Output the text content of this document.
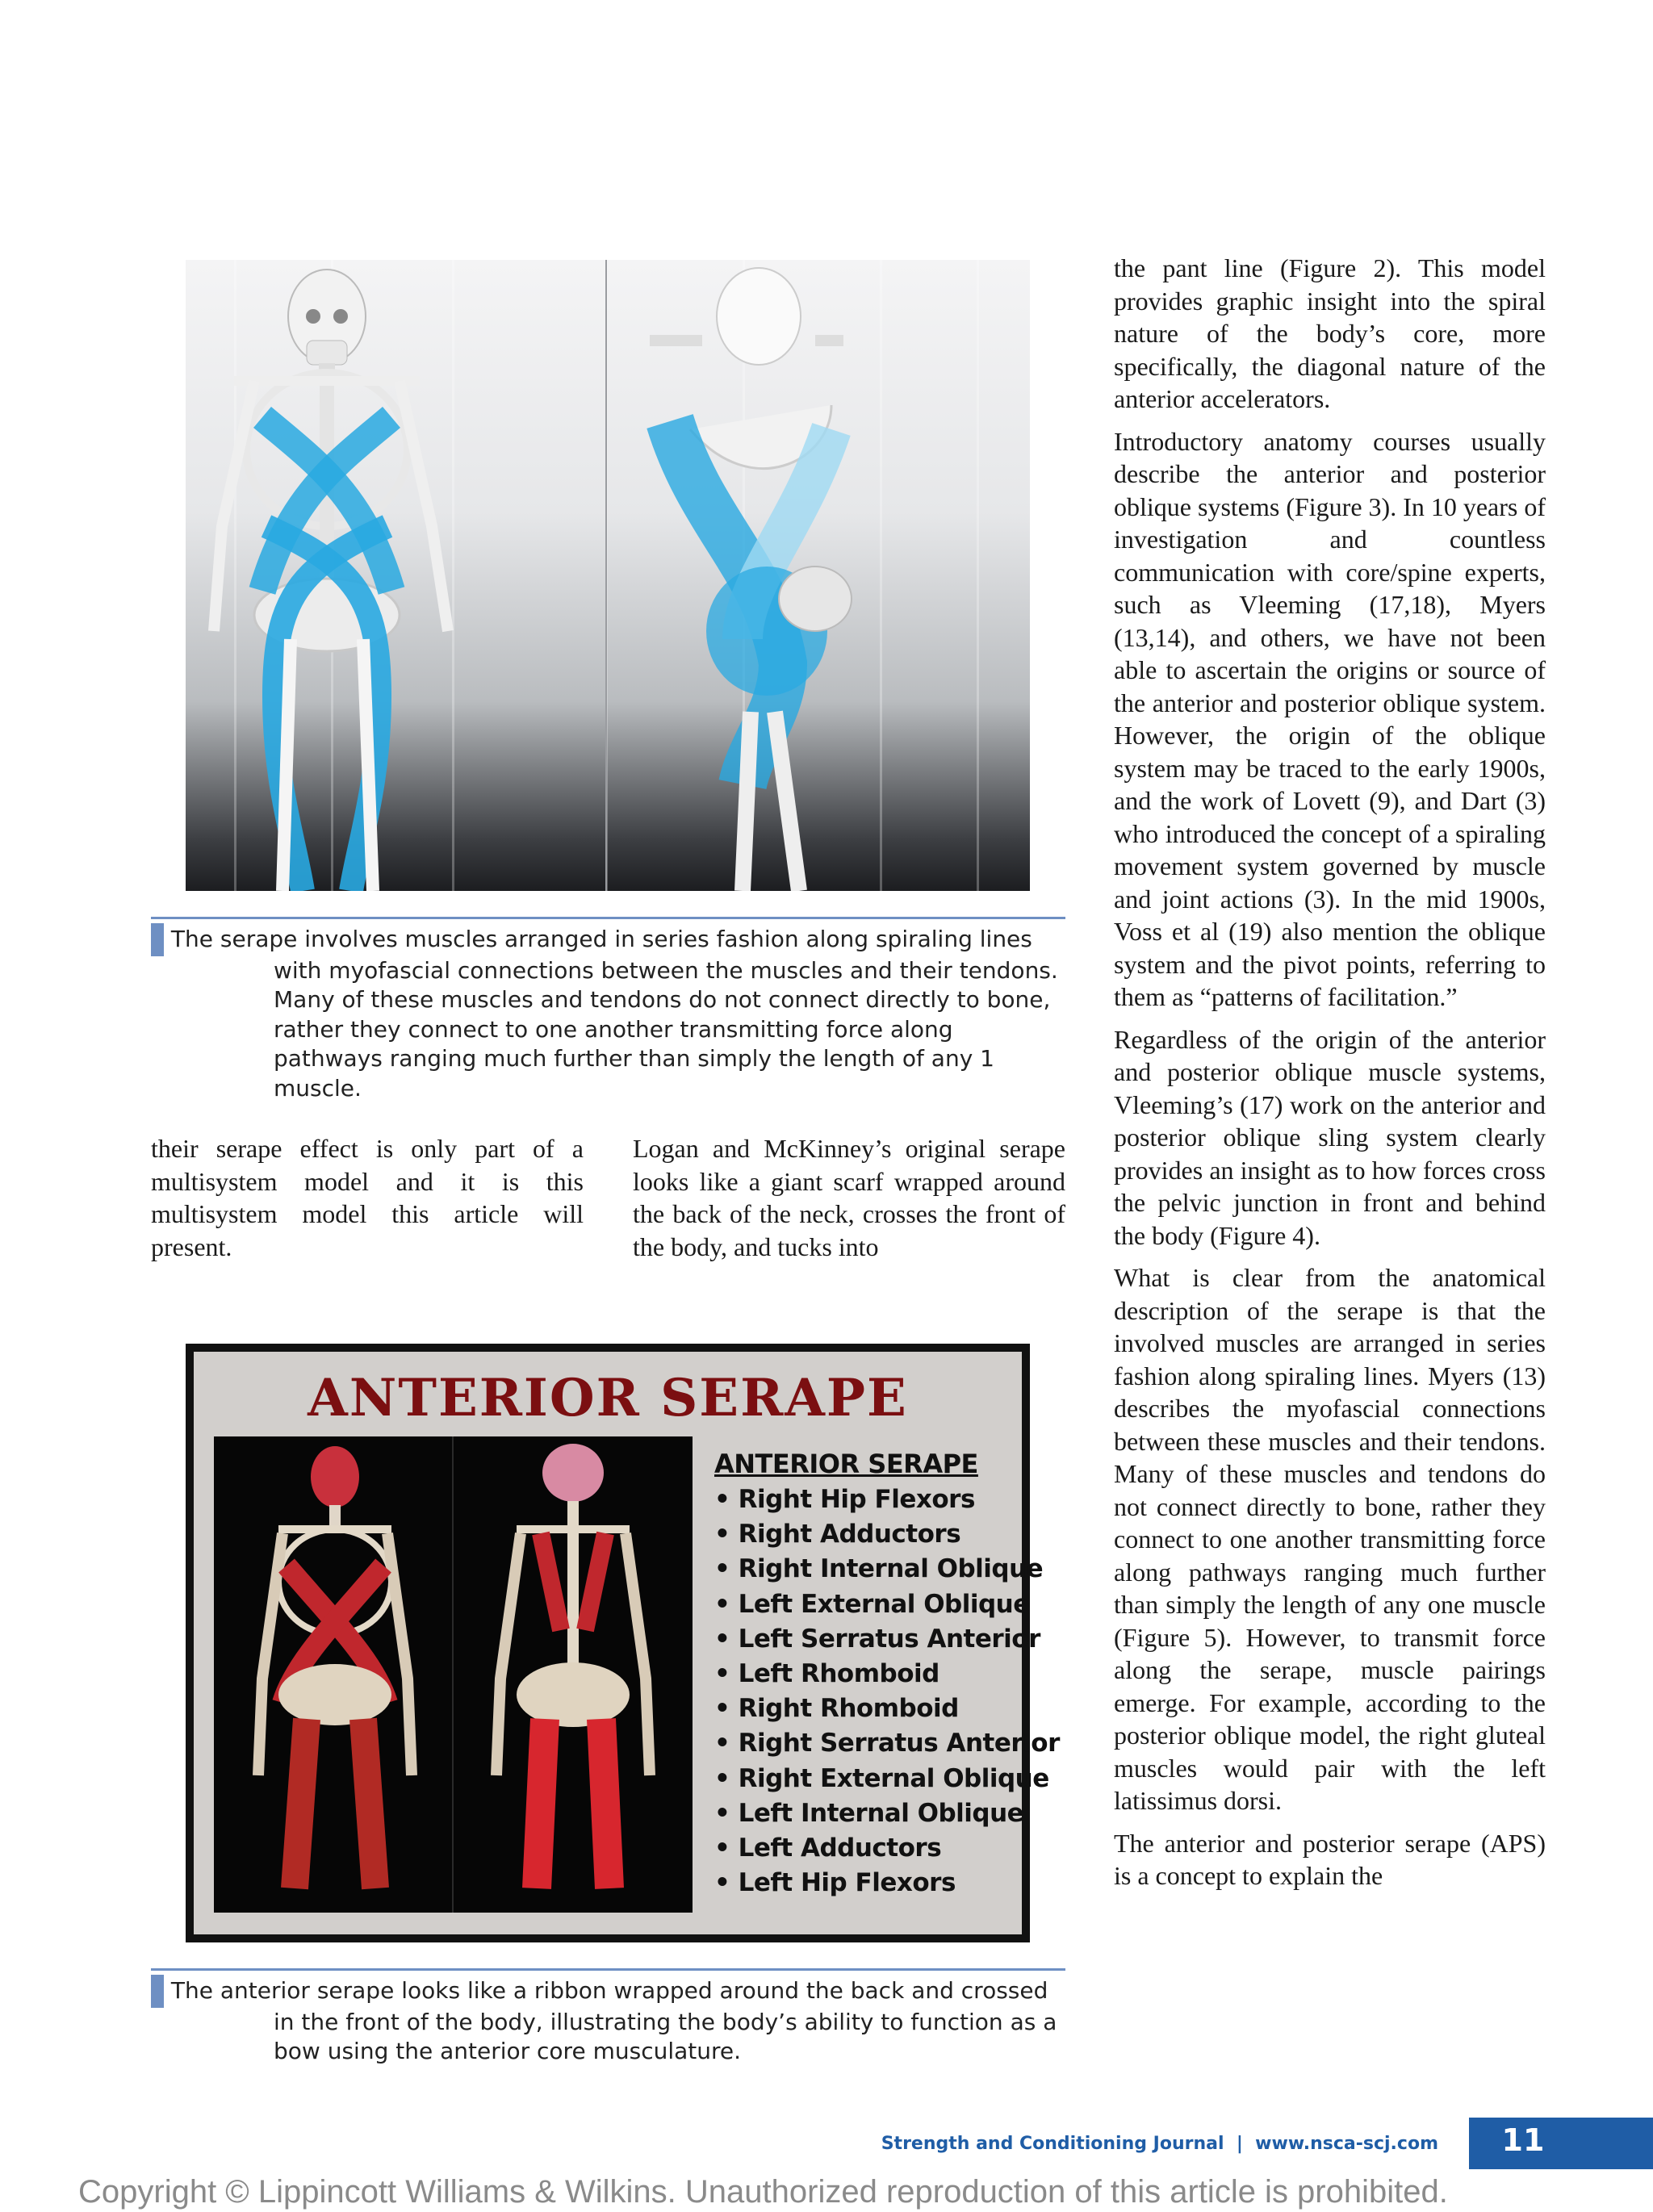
the pant line (Figure 2). This model provides graphic insight into the spiral nature of the body’s core, more specifically, the diagonal nature of the anterior accelerators.

Introductory anatomy courses usually describe the anterior and posterior oblique systems (Figure 3). In 10 years of investigation and countless communication with core/spine experts, such as Vleeming (17,18), Myers (13,14), and others, we have not been able to ascertain the origins or source of the anterior and posterior oblique system. However, the origin of the oblique system may be traced to the early 1900s, and the work of Lovett (9), and Dart (3) who introduced the concept of a spiraling movement system governed by muscle and joint actions (3). In the mid 1900s, Voss et al (19) also mention the oblique system and the pivot points, referring to them as “patterns of facilitation.”

Regardless of the origin of the anterior and posterior oblique muscle systems, Vleeming’s (17) work on the anterior and posterior oblique sling system clearly provides an insight as to how forces cross the pelvic junction in front and behind the body (Figure 4).

What is clear from the anatomical description of the serape is that the involved muscles are arranged in series fashion along spiraling lines. Myers (13) describes the myofascial connections between these muscles and their tendons. Many of these muscles and tendons do not connect directly to bone, rather they connect to one another transmitting force along pathways ranging much further than simply the length of any one muscle (Figure 5). However, to transmit force along the serape, muscle pairings emerge. For example, according to the posterior oblique model, the right gluteal muscles would pair with the left latissimus dorsi.

The anterior and posterior serape (APS) is a concept to explain the

Figure 5. The serape involves muscles arranged in series fashion along spiraling lines with myofascial connections between the muscles and their tendons. Many of these muscles and tendons do not connect directly to bone, rather they connect to one another transmitting force along pathways ranging much further than simply the length of any 1 muscle.
their serape effect is only part of a multisystem model and it is this multisystem model this article will present.
Logan and McKinney’s original serape looks like a giant scarf wrapped around the back of the neck, crosses the front of the body, and tucks into
ANTERIOR SERAPE
ANTERIOR SERAPE
• Right Hip Flexors
• Right Adductors
• Right Internal Oblique
• Left External Oblique
• Left Serratus Anterior
• Left Rhomboid
• Right Rhomboid
• Right Serratus Anterior
• Right External Oblique
• Left Internal Oblique
• Left Adductors
• Left Hip Flexors
Figure 6. The anterior serape looks like a ribbon wrapped around the back and crossed in the front of the body, illustrating the body’s ability to function as a bow using the anterior core musculature.
Strength and Conditioning Journal  |  www.nsca-scj.com	11
Copyright © Lippincott Williams & Wilkins. Unauthorized reproduction of this article is prohibited.
